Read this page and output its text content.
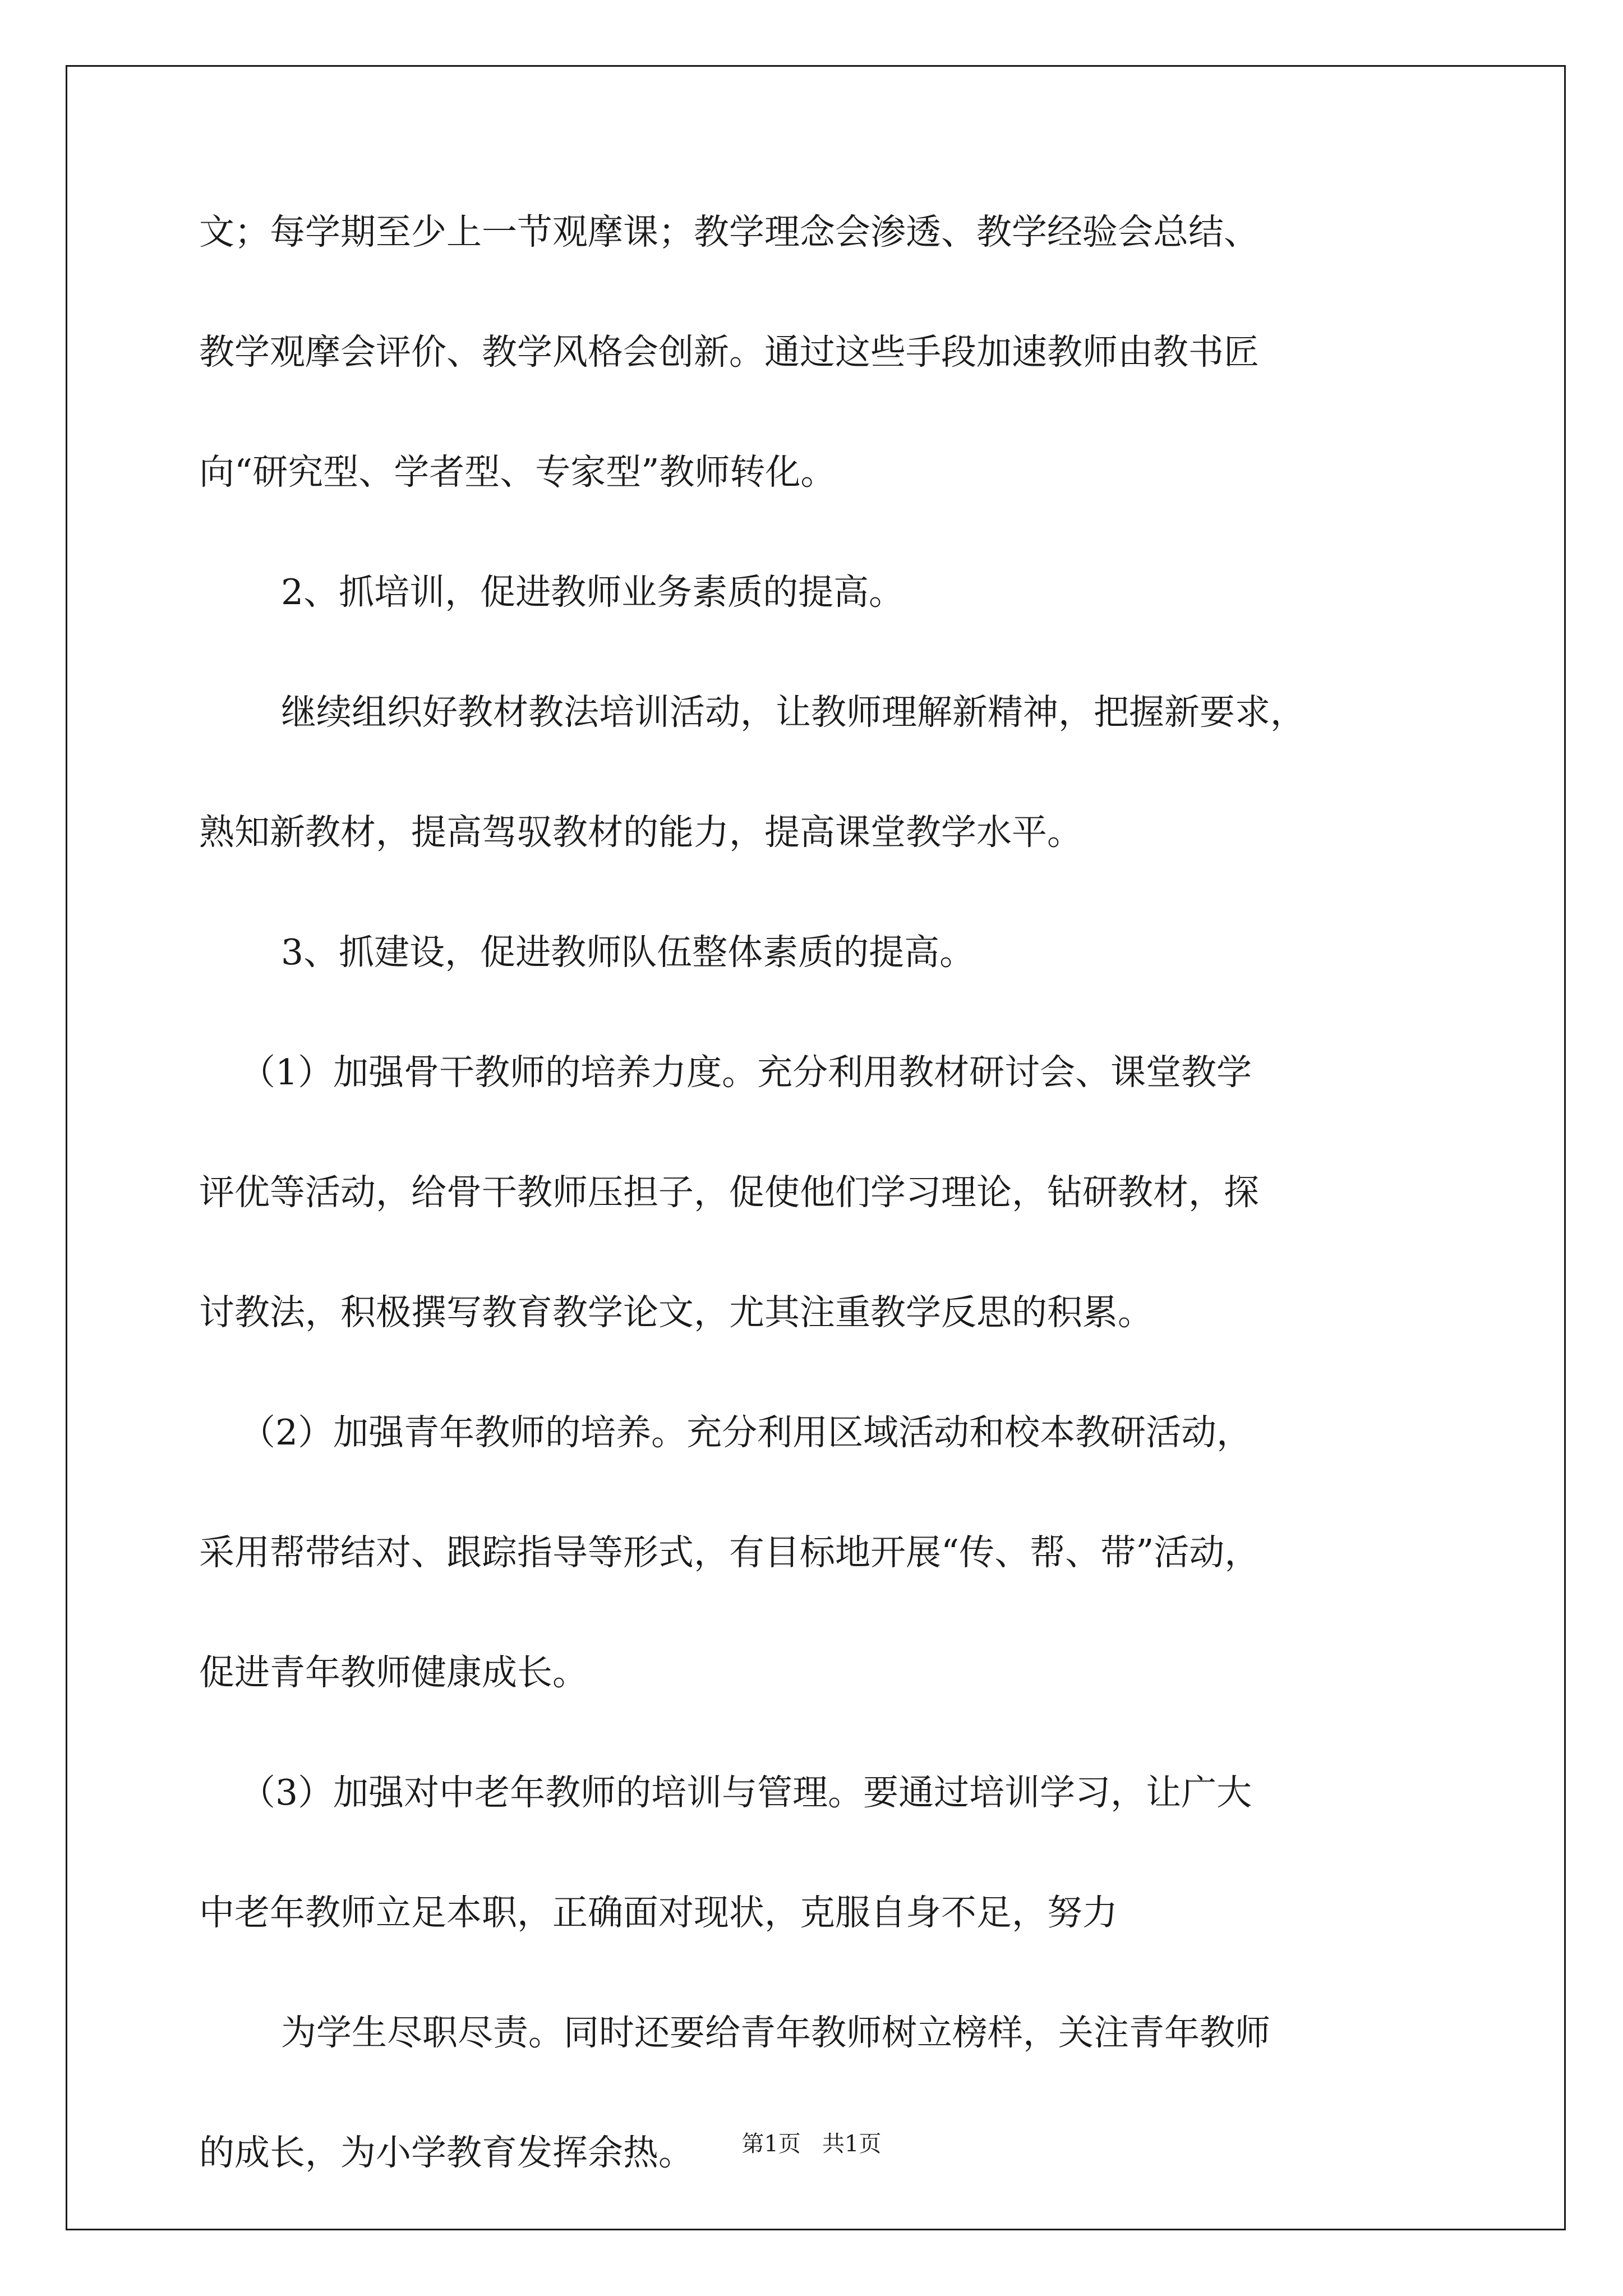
文；每学期至少上一节观摩课；教学理念会渗透、教学经验会总结、
教学观摩会评价、教学风格会创新。通过这些手段加速教师由教书匠
向“研究型、学者型、专家型”教师转化。
2、抓培训，促进教师业务素质的提高。
继续组织好教材教法培训活动，让教师理解新精神，把握新要求，
熟知新教材，提高驾驭教材的能力，提高课堂教学水平。
3、抓建设，促进教师队伍整体素质的提高。
（1）加强骨干教师的培养力度。充分利用教材研讨会、课堂教学
评优等活动，给骨干教师压担子，促使他们学习理论，钻研教材，探
讨教法，积极撰写教育教学论文，尤其注重教学反思的积累。
（2）加强青年教师的培养。充分利用区域活动和校本教研活动，
采用帮带结对、跟踪指导等形式，有目标地开展“传、帮、带”活动，
促进青年教师健康成长。
（3）加强对中老年教师的培训与管理。要通过培训学习，让广大
中老年教师立足本职，正确面对现状，克服自身不足，努力
为学生尽职尽责。同时还要给青年教师树立榜样，关注青年教师
的成长，为小学教育发挥余热。	第1页   共1页
